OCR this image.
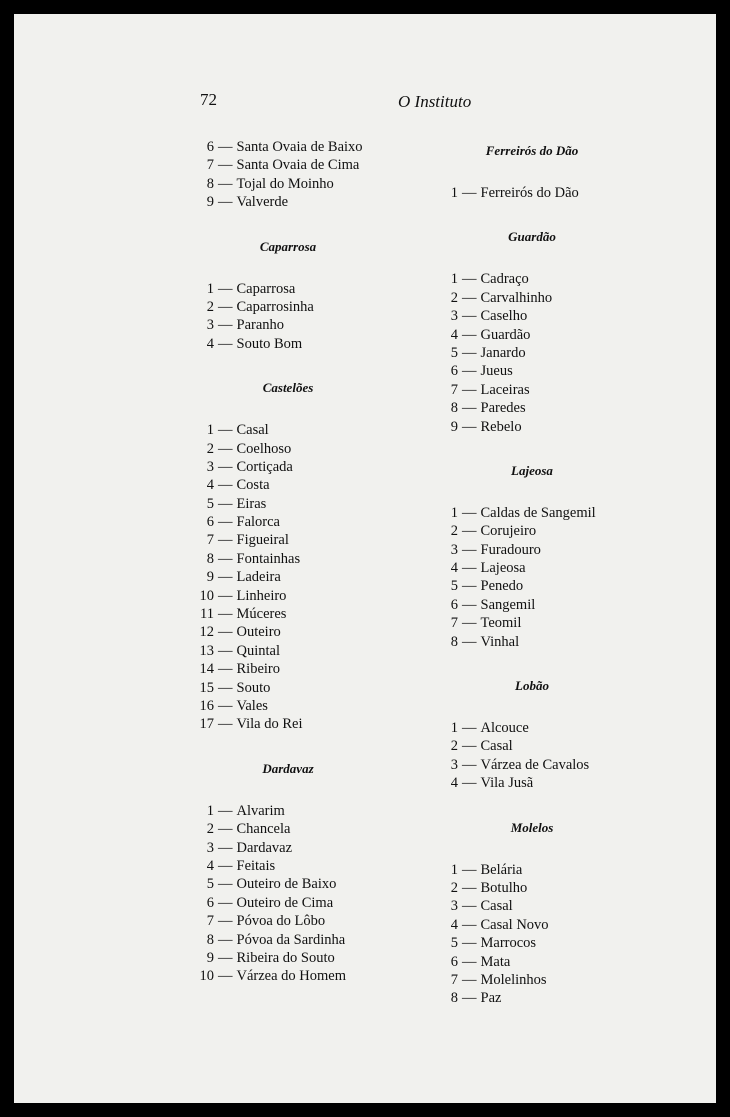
72	O Instituto
6 — Santa Ovaia de Baixo
7 — Santa Ovaia de Cima
8 — Tojal do Moinho
9 — Valverde
Caparrosa
1 — Caparrosa
2 — Caparrosinha
3 — Paranho
4 — Souto Bom
Castelões
1 — Casal
2 — Coelhoso
3 — Cortiçada
4 — Costa
5 — Eiras
6 — Falorca
7 — Figueiral
8 — Fontainhas
9 — Ladeira
10 — Linheiro
11 — Múceres
12 — Outeiro
13 — Quintal
14 — Ribeiro
15 — Souto
16 — Vales
17 — Vila do Rei
Dardavaz
1 — Alvarim
2 — Chancela
3 — Dardavaz
4 — Feitais
5 — Outeiro de Baixo
6 — Outeiro de Cima
7 — Póvoa do Lôbo
8 — Póvoa da Sardinha
9 — Ribeira do Souto
10 — Várzea do Homem
Ferreirós do Dão
1 — Ferreirós do Dão
Guardão
1 — Cadraço
2 — Carvalhinho
3 — Caselho
4 — Guardão
5 — Janardo
6 — Jueus
7 — Laceiras
8 — Paredes
9 — Rebelo
Lajeosa
1 — Caldas de Sangemil
2 — Corujeiro
3 — Furadouro
4 — Lajeosa
5 — Penedo
6 — Sangemil
7 — Teomil
8 — Vinhal
Lobão
1 — Alcouce
2 — Casal
3 — Várzea de Cavalos
4 — Vila Jusã
Molelos
1 — Belária
2 — Botulho
3 — Casal
4 — Casal Novo
5 — Marrocos
6 — Mata
7 — Molelinhos
8 — Paz
